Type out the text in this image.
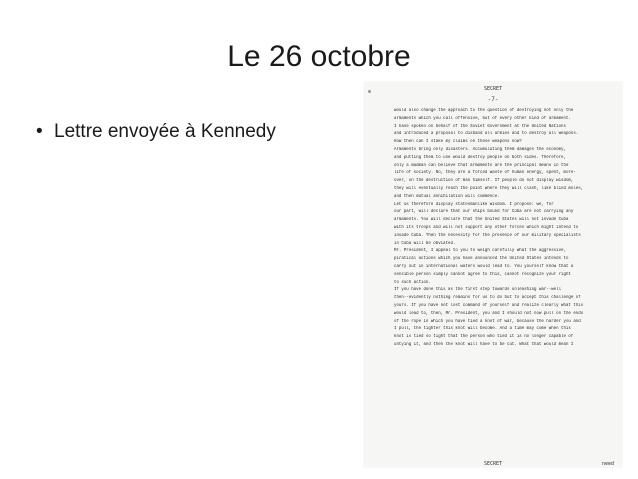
Le 26 octobre
• Lettre envoyée à Kennedy
SECRET
-7-
would also change the approach to the question of destroying not only the
armaments which you call offensive, but of every other kind of armament.
I have spoken on behalf of the Soviet Government at the United Nations
and introduced a proposal to disband all armies and to destroy all weapons.
How then can I stake my claims on these weapons now?
Armaments bring only disasters. Accumulating them damages the economy,
and putting them to use would destroy people on both sides. Therefore,
only a madman can believe that armaments are the principal means in the
life of society. No, they are a forced waste of human energy, spent, more-
over, on the destruction of man himself. If people do not display wisdom,
they will eventually reach the point where they will clash, like blind moles,
and then mutual annihilation will commence.
Let us therefore display statesmanlike wisdom. I propose: we, for
our part, will declare that our ships bound for Cuba are not carrying any
armaments. You will declare that the United States will not invade Cuba
with its troops and will not support any other forces which might intend to
invade Cuba. Then the necessity for the presence of our military specialists
in Cuba will be obviated.
Mr. President, I appeal to you to weigh carefully what the aggressive,
piratical actions which you have announced the United States intends to
carry out in international waters would lead to. You yourself know that a
sensible person simply cannot agree to this, cannot recognize your right
to such action.
If you have done this as the first step towards unleashing war--well
then--evidently nothing remains for us to do but to accept this challenge of
yours. If you have not lost command of yourself and realize clearly what this
would lead to, then, Mr. President, you and I should not now pull on the ends
of the rope in which you have tied a knot of war, because the harder you and
I pull, the tighter this knot will become. And a time may come when this
knot is tied so tight that the person who tied it is no longer capable of
untying it, and then the knot will have to be cut. What that would mean I
SECRET	need
